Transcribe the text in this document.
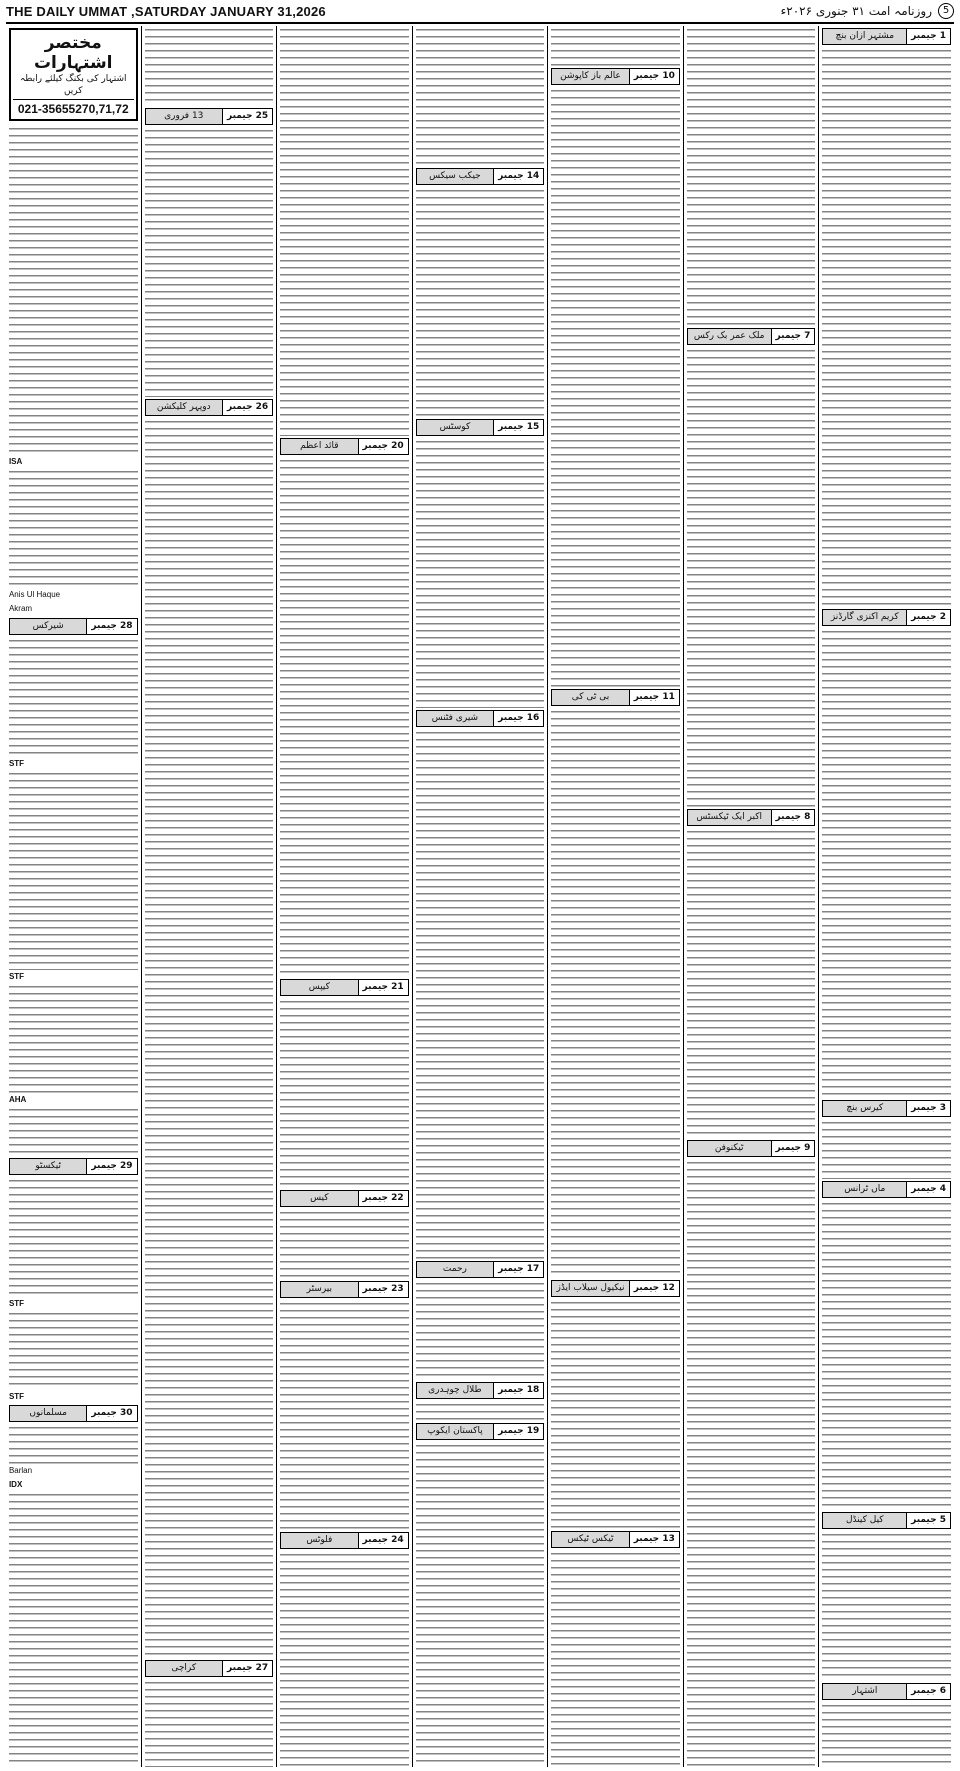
THE DAILY UMMAT ,SATURDAY JANUARY 31,2026	5
روزنامہ امت ۳۱ جنوری ۲۰۲۶ء
1 جیمبر
مشتہر ازان بنچ
2 جیمبر
کریم اکنزی گارڈنز
3 جیمبر
کیرس بنچ
4 جیمبر
ماں ٹرانس
5 جیمبر
کیل کینڈل
6 جیمبر
اشتہار
7 جیمبر
ملک عمر بک رکس
8 جیمبر
اکبر ایک ٹیکسٹس
9 جیمبر
ٹیکنوفن
10 جیمبر
عالم باز کاپوشن
11 جیمبر
بی ٹی کی
12 جیمبر
نیکیول سیلاب ایڈز
13 جیمبر
ٹیکس ٹیکس
14 جیمبر
جیکب سیکس
15 جیمبر
کوسٹس
16 جیمبر
شیری فٹنس
17 جیمبر
رحمت
18 جیمبر
طلال چوہدری
19 جیمبر
پاکستان ایکوپ
20 جیمبر
قائد اعظم
21 جیمبر
کیپس
22 جیمبر
کیس
23 جیمبر
بیرسٹر
24 جیمبر
فلوٹس
25 جیمبر
13 فروری
26 جیمبر
دوپہر کلیکشن
27 جیمبر
کراچی
مختصر اشتہارات
اشتہار کی بکنگ کیلئے رابطہ کریں
021-35655270,71,72
ISA
Anis Ul Haque
Akram
28 جیمبر
شیرکس
STF
STF
AHA
29 جیمبر
ٹیکسٹو
STF
STF
30 جیمبر
مسلمانوں
Barlan
IDX
